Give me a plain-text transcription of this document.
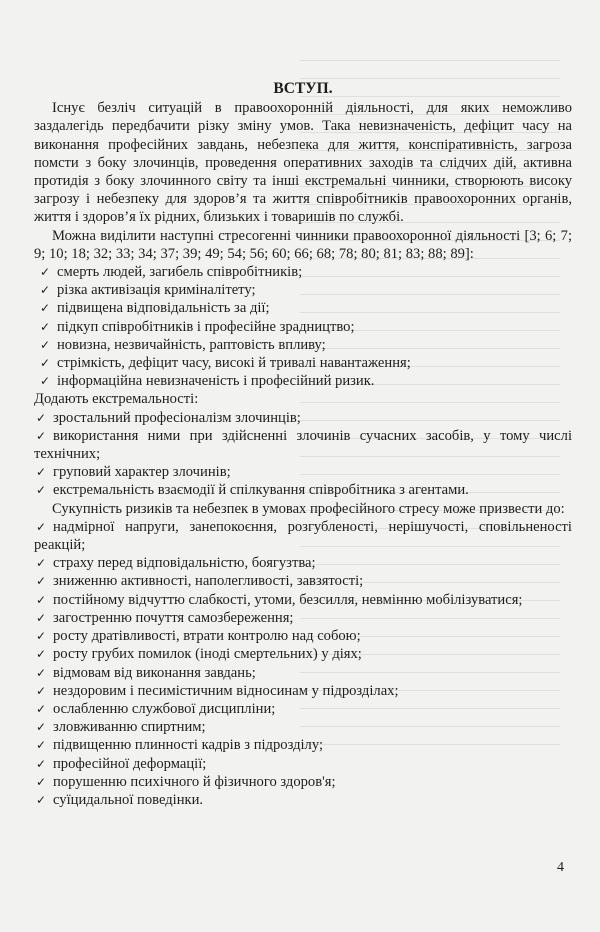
ВСТУП.

Існує безліч ситуацій в правоохоронній діяльності, для яких неможливо заздалегідь передбачити різку зміну умов. Така невизначеність, дефіцит часу на виконання професійних завдань, небезпека для життя, конспіративність, загроза помсти з боку злочинців, проведення оперативних заходів та слідчих дій, активна протидія з боку злочинного світу та інші екстремальні чинники, створюють високу загрозу і небезпеку для здоров’я та життя співробітників правоохоронних органів, життя і здоров’я їх рідних, близьких і товаришів по службі.

Можна виділити наступні стресогенні чинники правоохоронної діяльності [3; 6; 7; 9; 10; 18; 32; 33; 34; 37; 39; 49; 54; 56; 60; 66; 68; 78; 80; 81; 83; 88; 89]:

✓ смерть людей, загибель співробітників;

✓ різка активізація криміналітету;

✓ підвищена відповідальність за дії;

✓ підкуп співробітників і професійне зрадництво;

✓ новизна, незвичайність, раптовість впливу;

✓ стрімкість, дефіцит часу, високі й тривалі навантаження;

✓ інформаційна невизначеність і професійний ризик.

Додають екстремальності:

✓ зростальний професіоналізм злочинців;

✓ використання ними при здійсненні злочинів сучасних засобів, у тому числі технічних;

✓ груповий характер злочинів;

✓ екстремальність взаємодії й спілкування співробітника з агентами.

Сукупність ризиків та небезпек в умовах професійного стресу може призвести до:

✓ надмірної напруги, занепокоєння, розгубленості, нерішучості, сповільненості реакцій;

✓ страху перед відповідальністю, боягузтва;

✓ зниженню активності, наполегливості, завзятості;

✓ постійному відчуттю слабкості, утоми, безсилля, невмінню мобілізуватися;

✓ загостренню почуття самозбереження;

✓ росту дратівливості, втрати контролю над собою;

✓ росту грубих помилок (іноді смертельних) у діях;

✓ відмовам від виконання завдань;

✓ нездоровим і песимістичним відносинам у підрозділах;

✓ ослабленню службової дисципліни;

✓ зловживанню спиртним;

✓ підвищенню плинності кадрів з підрозділу;

✓ професійної деформації;

✓ порушенню психічного й фізичного здоров'я;

✓ суїцидальної поведінки.

4
